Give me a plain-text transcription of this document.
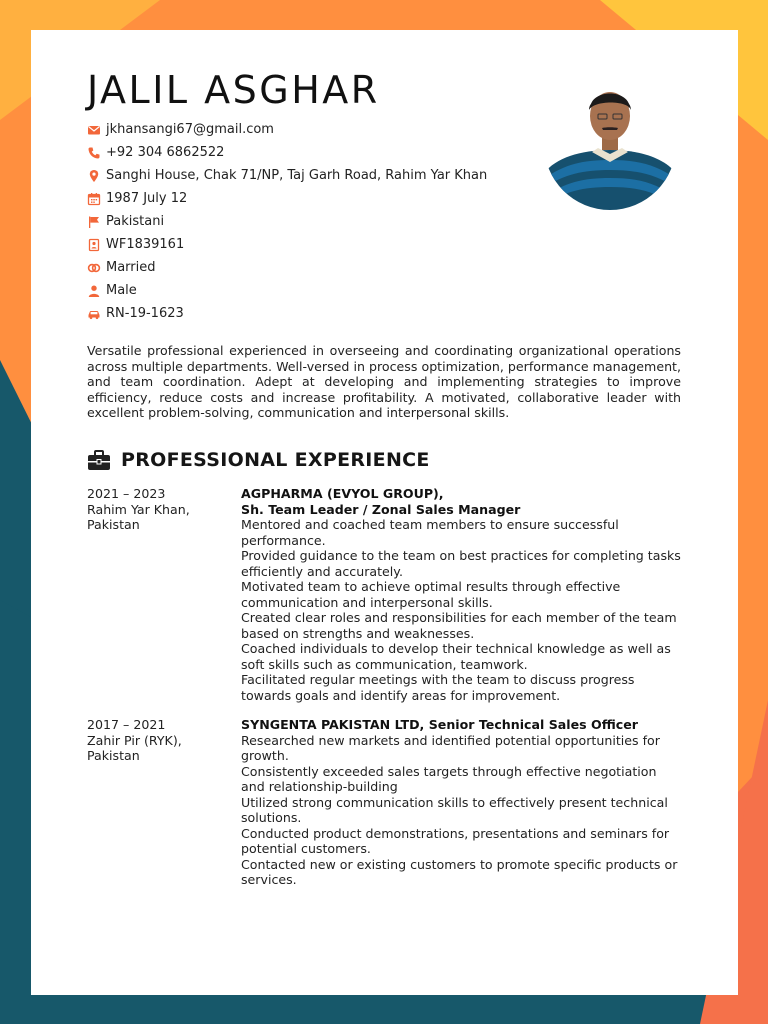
JALIL ASGHAR
jkhansangi67@gmail.com
+92 304 6862522
Sanghi House, Chak 71/NP, Taj Garh Road, Rahim Yar Khan
1987 July 12
Pakistani
WF1839161
Married
Male
RN-19-1623

Versatile professional experienced in overseeing and coordinating organizational operations across multiple departments. Well-versed in process optimization, performance management, and team coordination. Adept at developing and implementing strategies to improve efficiency, reduce costs and increase profitability. A motivated, collaborative leader with excellent problem-solving, communication and interpersonal skills.

PROFESSIONAL EXPERIENCE
2021 – 2023
Rahim Yar Khan,
Pakistan
AGPHARMA (EVYOL GROUP),
Sh. Team Leader / Zonal Sales Manager

Mentored and coached team members to ensure successful performance.

Provided guidance to the team on best practices for completing tasks efficiently and accurately.

Motivated team to achieve optimal results through effective communication and interpersonal skills.

Created clear roles and responsibilities for each member of the team based on strengths and weaknesses.

Coached individuals to develop their technical knowledge as well as soft skills such as communication, teamwork.

Facilitated regular meetings with the team to discuss progress towards goals and identify areas for improvement.

2017 – 2021
Zahir Pir (RYK),
Pakistan
SYNGENTA PAKISTAN LTD, Senior Technical Sales Officer

Researched new markets and identified potential opportunities for growth.

Consistently exceeded sales targets through effective negotiation and relationship-building

Utilized strong communication skills to effectively present technical solutions.

Conducted product demonstrations, presentations and seminars for potential customers.

Contacted new or existing customers to promote specific products or services.
